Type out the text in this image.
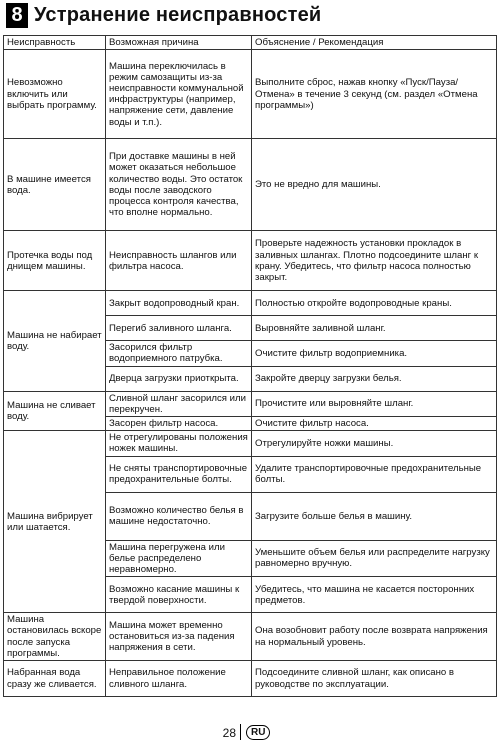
8 Устранение неисправностей
Неисправность	Возможная причина	Объяснение / Рекомендация
Невозможно включить или выбрать программу.	Машина переключилась в режим самозащиты из-за неисправности коммунальной инфраструктуры (например, напряжение сети, давление воды и т.п.).	Выполните сброс, нажав кнопку «Пуск/Пауза/Отмена» в течение 3 секунд (см. раздел «Отмена программы»)
В машине имеется вода.	При доставке машины в ней может оказаться небольшое количество воды. Это остаток воды после заводского процесса контроля качества, что вполне нормально.	Это не вредно для машины.
Протечка воды под днищем машины.	Неисправность шлангов или фильтра насоса.	Проверьте надежность установки прокладок в заливных шлангах. Плотно подсоедините шланг к крану. Убедитесь, что фильтр насоса полностью закрыт.
Машина не набирает воду.	Закрыт водопроводный кран.	Полностью откройте водопроводные краны.
	Перегиб заливного шланга.	Выровняйте заливной шланг.
	Засорился фильтр водоприемного патрубка.	Очистите фильтр водоприемника.
	Дверца загрузки приоткрыта.	Закройте дверцу загрузки белья.
Машина не сливает воду.	Сливной шланг засорился или перекручен.	Прочистите или выровняйте шланг.
	Засорен фильтр насоса.	Очистите фильтр насоса.
Машина вибрирует или шатается.	Не отрегулированы положения ножек машины.	Отрегулируйте ножки машины.
	Не сняты транспортировочные предохранительные болты.	Удалите транспортировочные предохранительные болты.
	Возможно количество белья в машине недостаточно.	Загрузите больше белья в машину.
	Машина перегружена или белье распределено неравномерно.	Уменьшите объем белья или распределите нагрузку равномерно вручную.
	Возможно касание машины к твердой поверхности.	Убедитесь, что машина не касается посторонних предметов.
Машина остановилась вскоре после запуска программы.	Машина может временно остановиться из-за падения напряжения в сети.	Она возобновит работу после возврата напряжения на нормальный уровень.
Набранная вода сразу же сливается.	Неправильное положение сливного шланга.	Подсоедините сливной шланг, как описано в руководстве по эксплуатации.
28	RU
